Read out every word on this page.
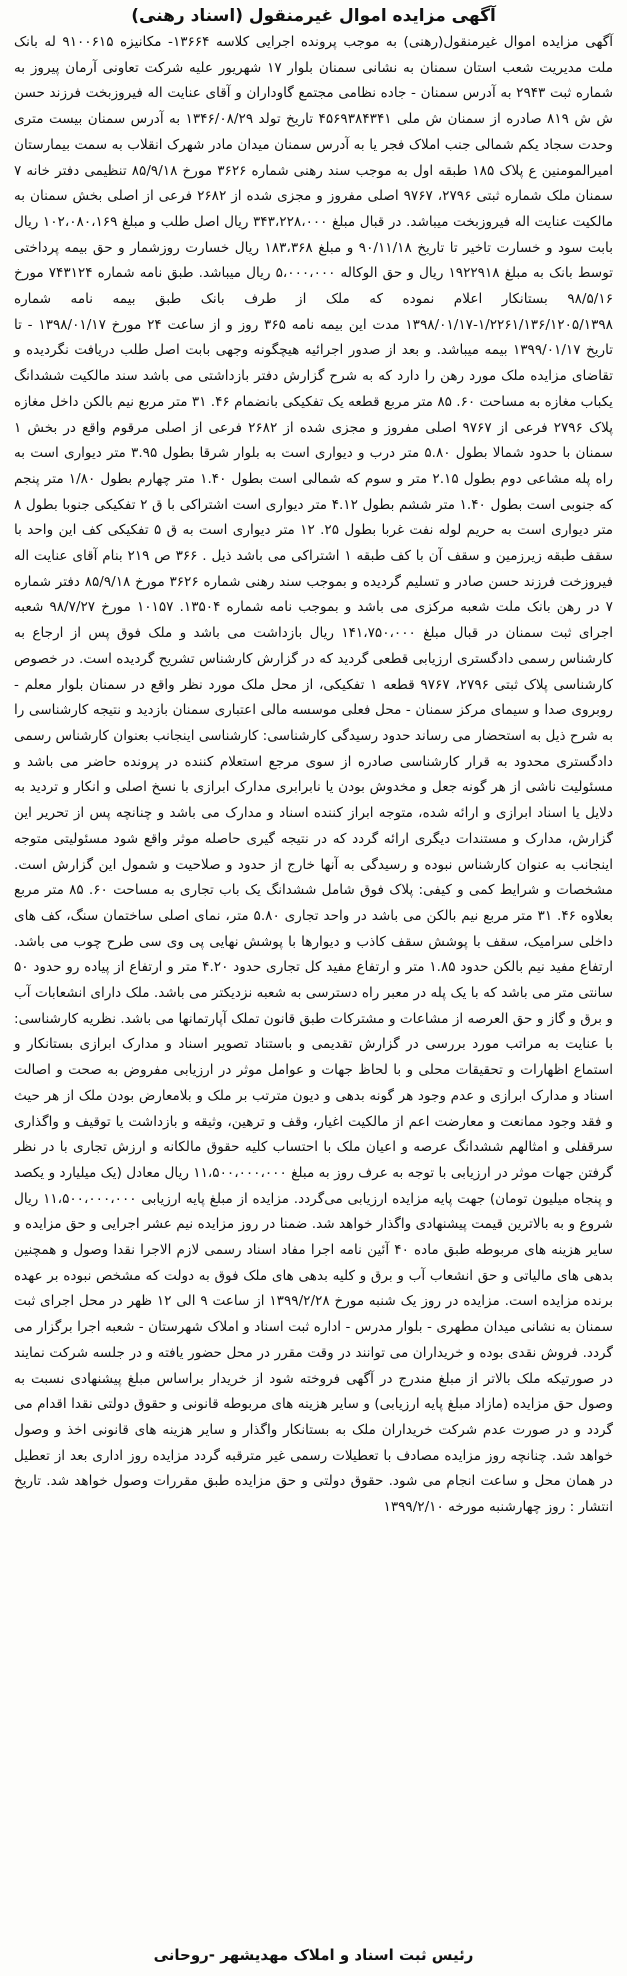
آگهی مزایده اموال غیرمنقول (اسناد رهنی)

آگهی مزایده اموال غیرمنقول(رهنی) به موجب پرونده اجرایی کلاسه ۱۳۶۶۴- مکانیزه ۹۱۰۰۶۱۵ له بانک ملت مدیریت شعب استان سمنان به نشانی سمنان بلوار ۱۷ شهریور علیه شرکت تعاونی آرمان پیروز به شماره ثبت ۲۹۴۳ به آدرس سمنان - جاده نظامی مجتمع گاوداران و آقای عنایت اله فیروزبخت فرزند حسن ش ش ۸۱۹ صادره از سمنان ش ملی ۴۵۶۹۳۸۴۳۴۱ تاریخ تولد ۱۳۴۶/۰۸/۲۹ به آدرس سمنان بیست متری وحدت سجاد یکم شمالی جنب املاک فجر یا به آدرس سمنان میدان مادر شهرک انقلاب به سمت بیمارستان امیرالمومنین ع پلاک ۱۸۵ طبقه اول به موجب سند رهنی شماره ۳۶۲۶ مورخ ۸۵/۹/۱۸ تنظیمی دفتر خانه ۷ سمنان ملک شماره ثبتی ۲۷۹۶، ۹۷۶۷ اصلی مفروز و مجزی شده از ۲۶۸۲ فرعی از اصلی بخش سمنان به مالکیت عنایت اله فیروزبخت میباشد. در قبال مبلغ ۳۴۳،۲۲۸،۰۰۰ ریال اصل طلب و مبلغ ۱۰۲،۰۸۰،۱۶۹ ریال بابت سود و خسارت تاخیر تا تاریخ ۹۰/۱۱/۱۸ و مبلغ ۱۸۳،۳۶۸ ریال خسارت روزشمار و حق بیمه پرداختی توسط بانک به مبلغ ۱۹۲۲۹۱۸ ریال و حق الوکاله ۵،۰۰۰،۰۰۰ ریال میباشد. طبق نامه شماره ۷۴۳۱۲۴ مورخ ۹۸/۵/۱۶ بستانکار اعلام نموده که ملک از طرف بانک طبق بیمه نامه شماره ۱/۲۲۶۱/۱۳۶/۱۲۰۵/۱۳۹۸-۱۳۹۸/۰۱/۱۷ مدت این بیمه نامه ۳۶۵ روز و از ساعت ۲۴ مورخ ۱۳۹۸/۰۱/۱۷ - تا تاریخ ۱۳۹۹/۰۱/۱۷ بیمه میباشد. و بعد از صدور اجرائیه هیچگونه وجهی بابت اصل طلب دریافت نگردیده و تقاضای مزایده ملک مورد رهن را دارد که به شرح گزارش دفتر بازداشتی می باشد سند مالکیت ششدانگ یکباب مغازه به مساحت ۶۰. ۸۵ متر مربع قطعه یک تفکیکی بانضمام ۴۶. ۳۱ متر مربع نیم بالکن داخل مغازه پلاک ۲۷۹۶ فرعی از ۹۷۶۷ اصلی مفروز و مجزی شده از ۲۶۸۲ فرعی از اصلی مرقوم واقع در بخش ۱ سمنان با حدود شمالا بطول ۵.۸۰ متر درب و دیواری است به بلوار شرقا بطول ۳.۹۵ متر دیواری است به راه پله مشاعی دوم بطول ۲.۱۵ متر و سوم که شمالی است بطول ۱.۴۰ متر چهارم بطول ۱/۸۰ متر پنجم که جنوبی است بطول ۱.۴۰ متر ششم بطول ۴.۱۲ متر دیواری است اشتراکی با ق ۲ تفکیکی جنوبا بطول ۸ متر دیواری است به حریم لوله نفت غربا بطول ۲۵. ۱۲ متر دیواری است به ق ۵ تفکیکی کف این واحد با سقف طبقه زیرزمین و سقف آن با کف طبقه ۱ اشتراکی می باشد ذیل . ۳۶۶ ص ۲۱۹ بنام آقای عنایت اله فیروزخت فرزند حسن صادر و تسلیم گردیده و بموجب سند رهنی شماره ۳۶۲۶ مورخ ۸۵/۹/۱۸ دفتر شماره ۷ در رهن بانک ملت شعبه مرکزی می باشد و بموجب نامه شماره ۱۳۵۰۴. ۱۰۱۵۷ مورخ ۹۸/۷/۲۷ شعبه اجرای ثبت سمنان در قبال مبلغ ۱۴۱،۷۵۰،۰۰۰ ریال بازداشت می باشد و ملک فوق پس از ارجاع به کارشناس رسمی دادگستری ارزیابی قطعی گردید که در گزارش کارشناس تشریح گردیده است. در خصوص کارشناسی پلاک ثبتی ۲۷۹۶، ۹۷۶۷ قطعه ۱ تفکیکی، از محل ملک مورد نظر واقع در سمنان بلوار معلم - روبروی صدا و سیمای مرکز سمنان - محل فعلی موسسه مالی اعتباری سمنان بازدید و نتیجه کارشناسی را به شرح ذیل به استحضار می رساند حدود رسیدگی کارشناسی: کارشناسی اینجانب بعنوان کارشناس رسمی دادگستری محدود به قرار کارشناسی صادره از سوی مرجع استعلام کننده در پرونده حاضر می باشد و مسئولیت ناشی از هر گونه جعل و مخدوش بودن یا نابرابری مدارک ابرازی با نسخ اصلی و انکار و تردید به دلایل یا اسناد ابرازی و ارائه شده، متوجه ابراز کننده اسناد و مدارک می باشد و چنانچه پس از تحریر این گزارش، مدارک و مستندات دیگری ارائه گردد که در نتیجه گیری حاصله موثر واقع شود مسئولیتی متوجه اینجانب به عنوان کارشناس نبوده و رسیدگی به آنها خارج از حدود و صلاحیت و شمول این گزارش است. مشخصات و شرایط کمی و کیفی: پلاک فوق شامل ششدانگ یک باب تجاری به مساحت ۶۰. ۸۵ متر مربع بعلاوه ۴۶. ۳۱ متر مربع نیم بالکن می باشد در واحد تجاری ۵.۸۰ متر، نمای اصلی ساختمان سنگ، کف های داخلی سرامیک، سقف با پوشش سقف کاذب و دیوارها با پوشش نهایی پی وی سی طرح چوب می باشد. ارتفاع مفید نیم بالکن حدود ۱.۸۵ متر و ارتفاع مفید کل تجاری حدود ۴.۲۰ متر و ارتفاع از پیاده رو حدود ۵۰ سانتی متر می باشد که با یک پله در معبر راه دسترسی به شعبه نزدیکتر می باشد. ملک دارای انشعابات آب و برق و گاز و حق العرصه از مشاعات و مشترکات طبق قانون تملک آپارتمانها می باشد. نظریه کارشناسی: با عنایت به مراتب مورد بررسی در گزارش تقدیمی و باستناد تصویر اسناد و مدارک ابرازی بستانکار و استماع اظهارات و تحقیقات محلی و با لحاظ جهات و عوامل موثر در ارزیابی مفروض به صحت و اصالت اسناد و مدارک ابرازی و عدم وجود هر گونه بدهی و دیون مترتب بر ملک و بلامعارض بودن ملک از هر حیث و فقد وجود ممانعت و معارضت اعم از مالکیت اغیار، وقف و ترهین، وثیقه و بازداشت یا توقیف و واگذاری سرقفلی و امثالهم ششدانگ عرصه و اعیان ملک با احتساب کلیه حقوق مالکانه و ارزش تجاری با در نظر گرفتن جهات موثر در ارزیابی با توجه به عرف روز به مبلغ ۱۱،۵۰۰،۰۰۰،۰۰۰ ریال معادل (یک میلیارد و یکصد و پنجاه میلیون تومان) جهت پایه مزایده ارزیابی می‌گردد. مزایده از مبلغ پایه ارزیابی ۱۱،۵۰۰،۰۰۰،۰۰۰ ریال شروع و به بالاترین قیمت پیشنهادی واگذار خواهد شد. ضمنا در روز مزایده نیم عشر اجرایی و حق مزایده و سایر هزینه های مربوطه طبق ماده ۴۰ آئین نامه اجرا مفاد اسناد رسمی لازم الاجرا نقدا وصول و همچنین بدهی های مالیاتی و حق انشعاب آب و برق و کلیه بدهی های ملک فوق به دولت که مشخص نبوده بر عهده برنده مزایده است. مزایده در روز یک شنبه مورخ ۱۳۹۹/۲/۲۸ از ساعت ۹ الی ۱۲ ظهر در محل اجرای ثبت سمنان به نشانی میدان مطهری - بلوار مدرس - اداره ثبت اسناد و املاک شهرستان - شعبه اجرا برگزار می گردد. فروش نقدی بوده و خریداران می توانند در وقت مقرر در محل حضور یافته و در جلسه شرکت نمایند در صورتیکه ملک بالاتر از مبلغ مندرج در آگهی فروخته شود از خریدار براساس مبلغ پیشنهادی نسبت به وصول حق مزایده (مازاد مبلغ پایه ارزیابی) و سایر هزینه های مربوطه قانونی و حقوق دولتی نقدا اقدام می گردد و در صورت عدم شرکت خریداران ملک به بستانکار واگذار و سایر هزینه های قانونی اخذ و وصول خواهد شد. چنانچه روز مزایده مصادف با تعطیلات رسمی غیر مترقبه گردد مزایده روز اداری بعد از تعطیل در همان محل و ساعت انجام می شود. حقوق دولتی و حق مزایده طبق مقررات وصول خواهد شد. تاریخ انتشار : روز چهارشنبه مورخه ۱۳۹۹/۲/۱۰

رئیس ثبت اسناد و املاک مهدیشهر -روحانی
